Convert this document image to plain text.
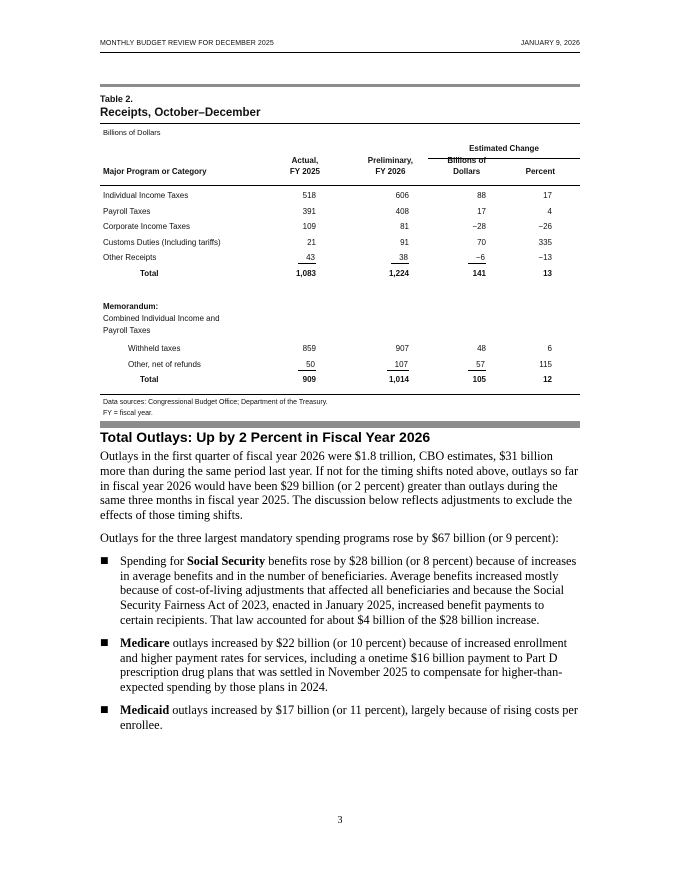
MONTHLY BUDGET REVIEW FOR DECEMBER 2025	JANUARY 9, 2026
Table 2.
Receipts, October–December
Billions of Dollars
Estimated Change
Major Program or Category
Actual,
FY 2025
Preliminary,
FY 2026
Billions of
Dollars	Percent
Individual Income Taxes	518	606	88	17
Payroll Taxes	391	408	17	4
Corporate Income Taxes	109	81	−28	−26
Customs Duties (Including tariffs)	21	91	70	335
Other Receipts	43	38	−6	−13
Total	1,083	1,224	141	13
Memorandum:
Combined Individual Income and
Payroll Taxes
Withheld taxes	859	907	48	6
Other, net of refunds	50	107	57	115
Total	909	1,014	105	12
Data sources: Congressional Budget Office; Department of the Treasury.
FY = fiscal year.
Total Outlays: Up by 2 Percent in Fiscal Year 2026

Outlays in the first quarter of fiscal year 2026 were $1.8 trillion, CBO estimates, $31 billion more than during the same period last year. If not for the timing shifts noted above, outlays so far in fiscal year 2026 would have been $29 billion (or 2 percent) greater than outlays during the same three months in fiscal year 2025. The discussion below reflects adjustments to exclude the effects of those timing shifts.

Outlays for the three largest mandatory spending programs rose by $67 billion (or 9 percent):

■ Spending for Social Security benefits rose by $28 billion (or 8 percent) because of increases in average benefits and in the number of beneficiaries. Average benefits increased mostly because of cost-of-living adjustments that affected all beneficiaries and because the Social Security Fairness Act of 2023, enacted in January 2025, increased benefit payments to certain recipients. That law accounted for about $4 billion of the $28 billion increase.
■ Medicare outlays increased by $22 billion (or 10 percent) because of increased enrollment and higher payment rates for services, including a onetime $16 billion payment to Part D prescription drug plans that was settled in November 2025 to compensate for higher-than-expected spending by those plans in 2024.
■ Medicaid outlays increased by $17 billion (or 11 percent), largely because of rising costs per enrollee.
3
